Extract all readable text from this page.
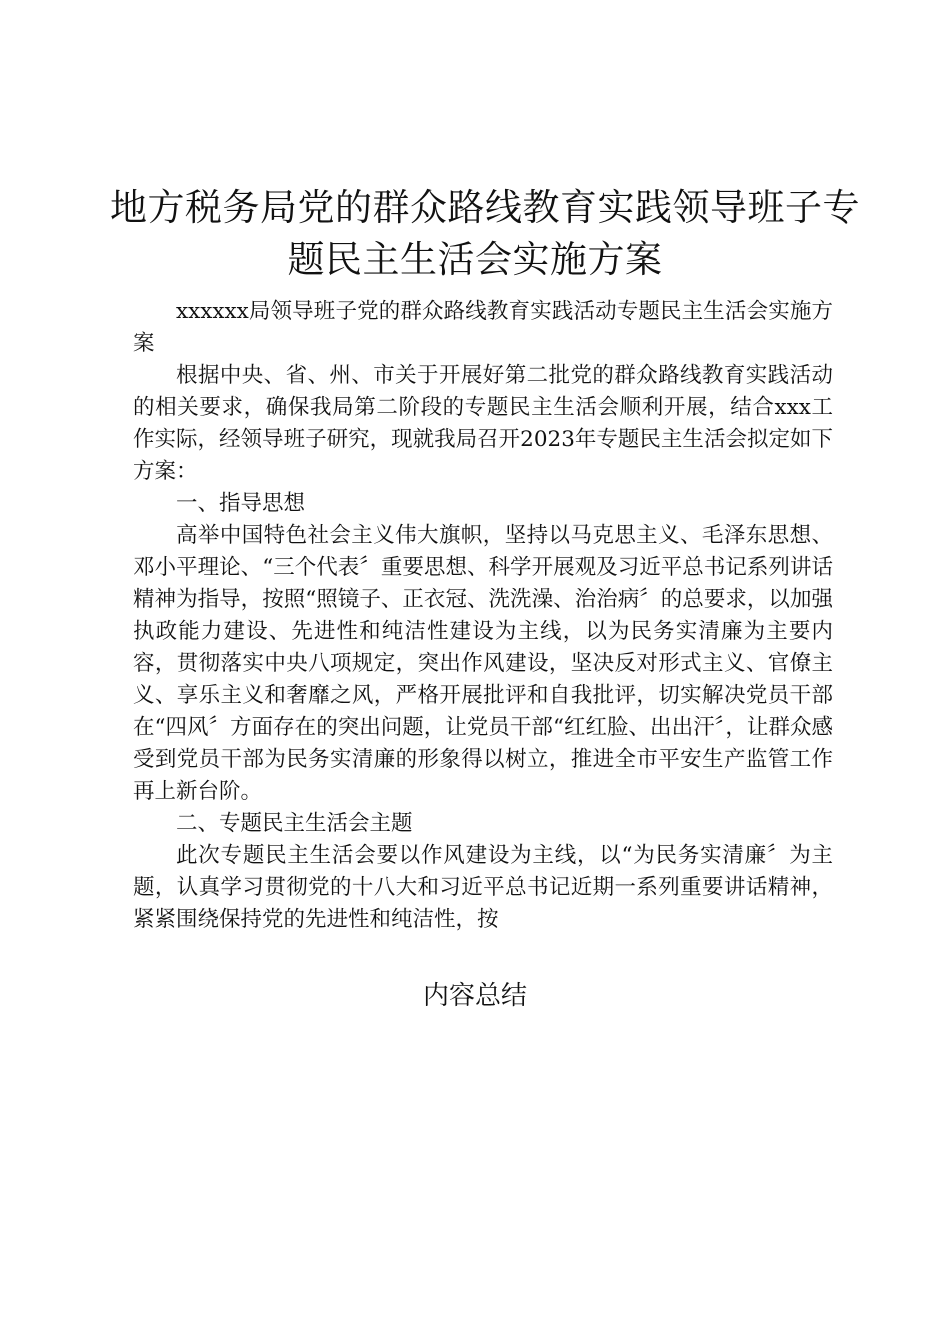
地方税务局党的群众路线教育实践领导班子专
题民主生活会实施方案

xxxxxx局领导班子党的群众路线教育实践活动专题民主生活会实施方案

根据中央、省、州、市关于开展好第二批党的群众路线教育实践活动的相关要求，确保我局第二阶段的专题民主生活会顺利开展，结合xxx工作实际，经领导班子研究，现就我局召开2023年专题民主生活会拟定如下方案：

一、指导思想

高举中国特色社会主义伟大旗帜，坚持以马克思主义、毛泽东思想、邓小平理论、“三个代表〞重要思想、科学开展观及习近平总书记系列讲话精神为指导，按照“照镜子、正衣冠、洗洗澡、治治病〞的总要求，以加强执政能力建设、先进性和纯洁性建设为主线，以为民务实清廉为主要内容，贯彻落实中央八项规定，突出作风建设，坚决反对形式主义、官僚主义、享乐主义和奢靡之风，严格开展批评和自我批评，切实解决党员干部在“四风〞方面存在的突出问题，让党员干部“红红脸、出出汗〞，让群众感受到党员干部为民务实清廉的形象得以树立，推进全市平安生产监管工作再上新台阶。

二、专题民主生活会主题

此次专题民主生活会要以作风建设为主线，以“为民务实清廉〞为主题，认真学习贯彻党的十八大和习近平总书记近期一系列重要讲话精神，紧紧围绕保持党的先进性和纯洁性，按

内容总结
